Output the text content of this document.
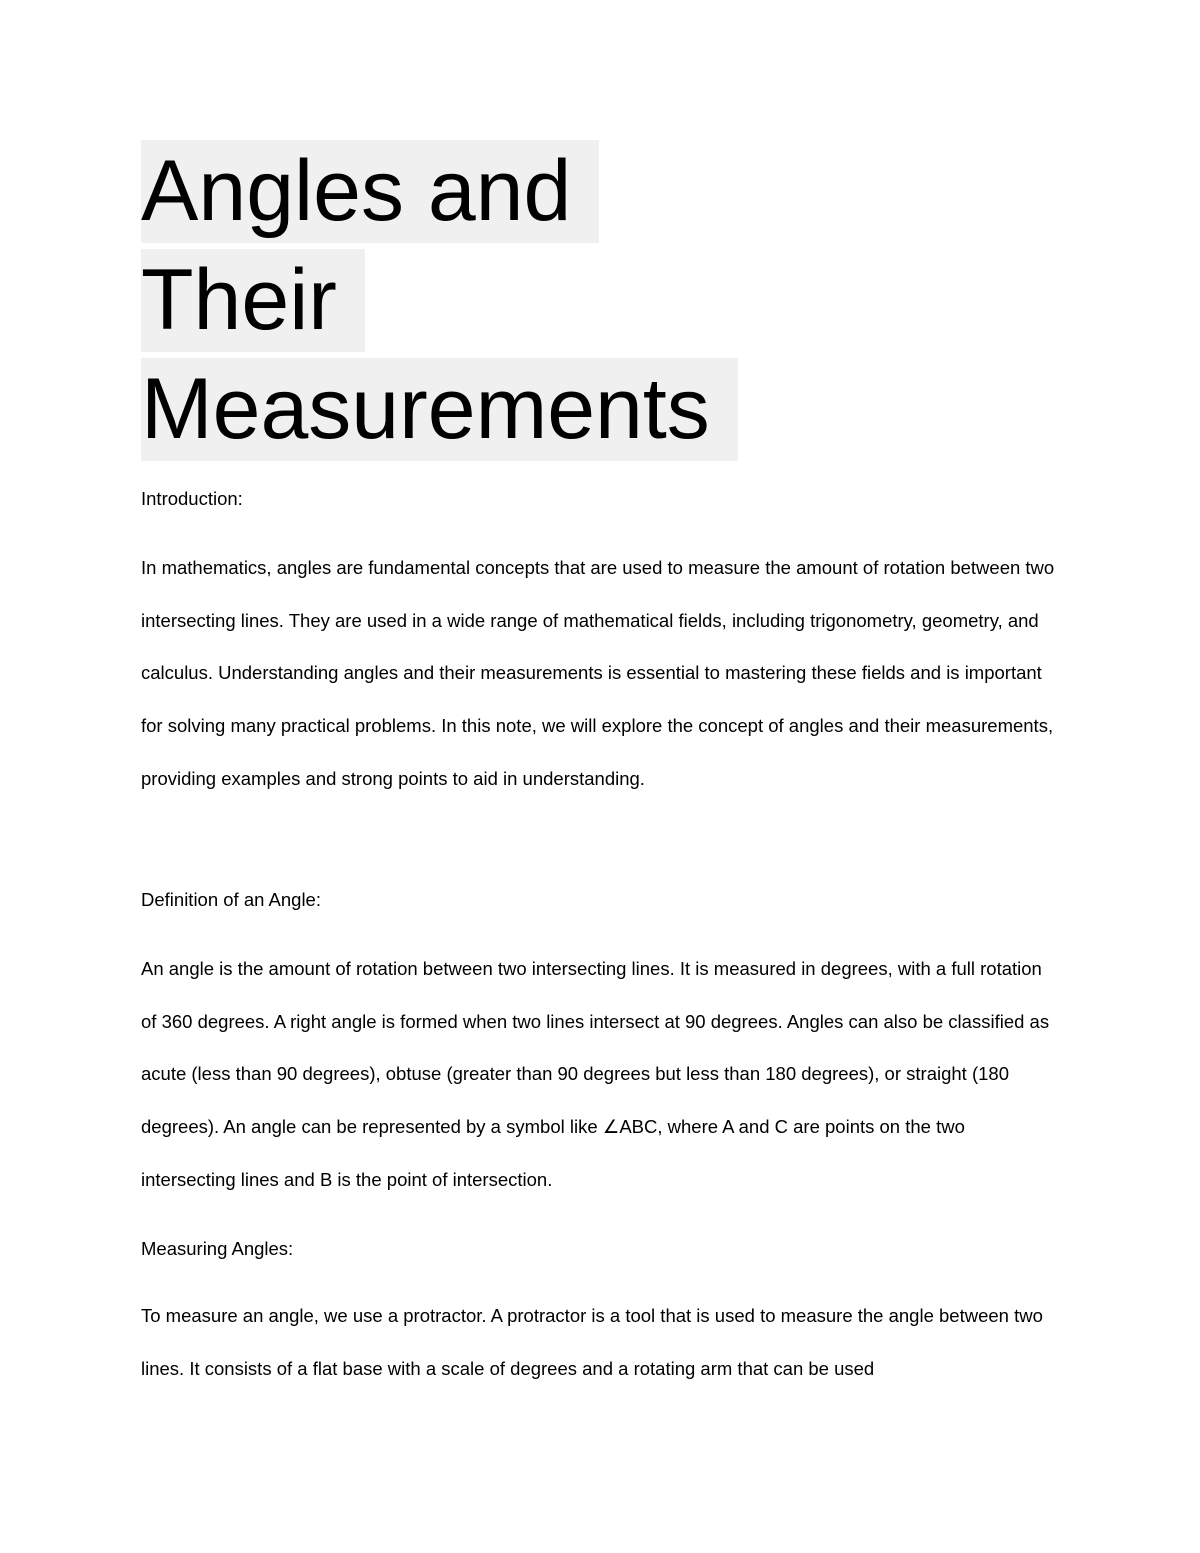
Angles and
Their
Measurements

Introduction:

In mathematics, angles are fundamental concepts that are used to measure the amount of rotation between two intersecting lines. They are used in a wide range of mathematical fields, including trigonometry, geometry, and calculus. Understanding angles and their measurements is essential to mastering these fields and is important for solving many practical problems. In this note, we will explore the concept of angles and their measurements, providing examples and strong points to aid in understanding.

Definition of an Angle:

An angle is the amount of rotation between two intersecting lines. It is measured in degrees, with a full rotation of 360 degrees. A right angle is formed when two lines intersect at 90 degrees. Angles can also be classified as acute (less than 90 degrees), obtuse (greater than 90 degrees but less than 180 degrees), or straight (180 degrees). An angle can be represented by a symbol like ∠ABC, where A and C are points on the two intersecting lines and B is the point of intersection.

Measuring Angles:

To measure an angle, we use a protractor. A protractor is a tool that is used to measure the angle between two lines. It consists of a flat base with a scale of degrees and a rotating arm that can be used
